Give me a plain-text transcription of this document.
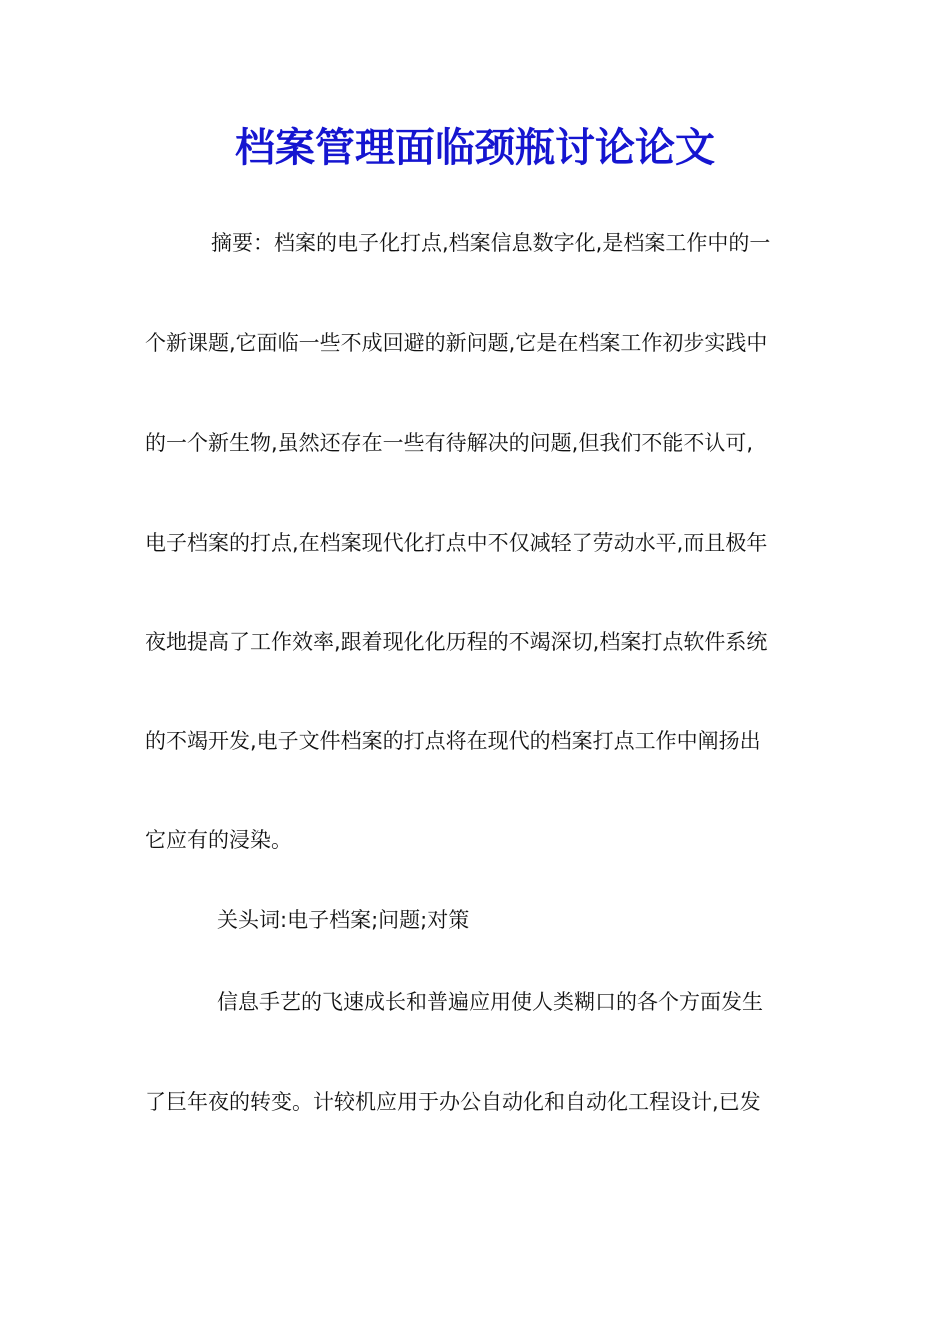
档案管理面临颈瓶讨论论文
摘要：档案的电子化打点,档案信息数字化,是档案工作中的一
个新课题,它面临一些不成回避的新问题,它是在档案工作初步实践中
的一个新生物,虽然还存在一些有待解决的问题,但我们不能不认可,
电子档案的打点,在档案现代化打点中不仅减轻了劳动水平,而且极年
夜地提高了工作效率,跟着现化化历程的不竭深切,档案打点软件系统
的不竭开发,电子文件档案的打点将在现代的档案打点工作中阐扬出
它应有的浸染。
关头词:电子档案;问题;对策
信息手艺的飞速成长和普遍应用使人类糊口的各个方面发生
了巨年夜的转变。计较机应用于办公自动化和自动化工程设计,已发
